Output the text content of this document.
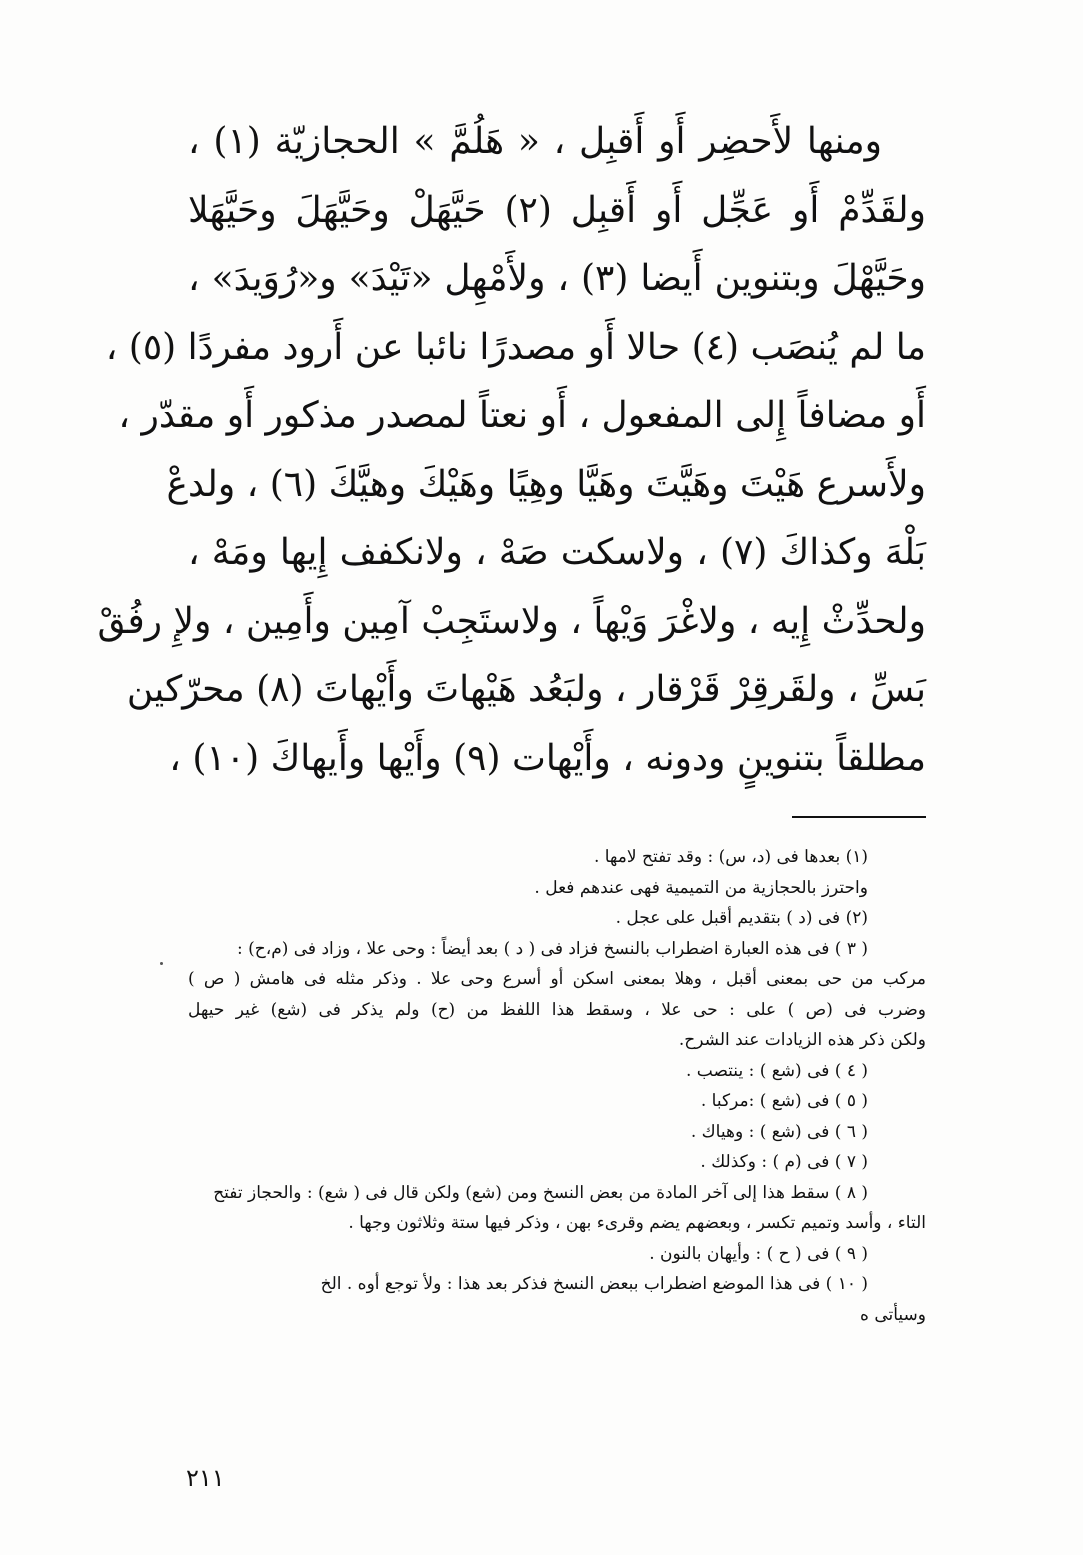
ومنها لأَحضِر أَو أَقبِل ، « هَلُمَّ » الحجازيّة (١) ،
ولقَدِّمْ أَو عَجِّل أَو أَقبِل (٢) حَيَّهَلْ وحَيَّهَلَ وحَيَّهَلا
وحَيَّهْلَ وبتنوين أَيضا (٣) ، ولأَمْهِل «تَيْدَ» و«رُوَيدَ» ،
ما لم يُنصَب (٤) حالا أَو مصدرًا نائبا عن أَرود مفردًا (٥) ،
أَو مضافاً إِلى المفعول ، أَو نعتاً لمصدر مذكور أَو مقدّر ،
ولأَسرع هَيْتَ وهَيَّتَ وهَيَّا وهِيًا وهَيْكَ وهيَّكَ (٦) ، ولدعْ
بَلْهَ وكذاكَ (٧) ، ولاسكت صَهْ ، ولانكفف إِيها ومَهْ ،
ولحدِّثْ إِيه ، ولاغْرَ وَيْهاً ، ولاستَجِبْ آمِين وأَمِين ، ولإِ رفُقْ
بَسِّ ، ولقَرقِرْ قَرْقار ، ولبَعُد هَيْهاتَ وأَيْهاتَ (٨) محرّكين
مطلقاً بتنوينٍ ودونه ، وأَيْهات (٩) وأَيْها وأَيهاكَ (١٠) ،
(١) بعدها فى (د، س) : وقد تفتح لامها .
واحترز بالحجازية من التميمية فهى عندهم فعل .
(٢) فى (د ) بتقديم أقبل على عجل .
( ٣ ) فى هذه العبارة اضطراب بالنسخ فزاد فى ( د ) بعد أيضاً : وحى علا ، وزاد فى (م،ح) :
مركب من حى بمعنى أقبل ، وهلا بمعنى اسكن أو أسرع وحى علا . وذكر مثله فى هامش ( ص )
وضرب فى (ص ) على : حى علا ، وسقط هذا اللفظ من (ح) ولم يذكر فى (شع) غير حيهل
ولكن ذكر هذه الزيادات عند الشرح.
( ٤ ) فى (شع ) : ينتصب .
( ٥ ) فى (شع ) :مركبا .
( ٦ ) فى (شع ) : وهياك .
( ٧ ) فى (م ) : وكذلك .
( ٨ ) سقط هذا إلى آخر المادة من بعض النسخ ومن (شع) ولكن قال فى ( شع) : والحجاز تفتح
التاء ، وأسد وتميم تكسر ، وبعضهم يضم وقرىء بهن ، وذكر فيها ستة وثلاثون وجها .
( ٩ ) فى ( ح ) : وأيهان بالنون .
( ١٠ ) فى هذا الموضع اضطراب ببعض النسخ فذكر بعد هذا : ولأ توجع أوه . الخ
وسيأتى ه
٢١١
